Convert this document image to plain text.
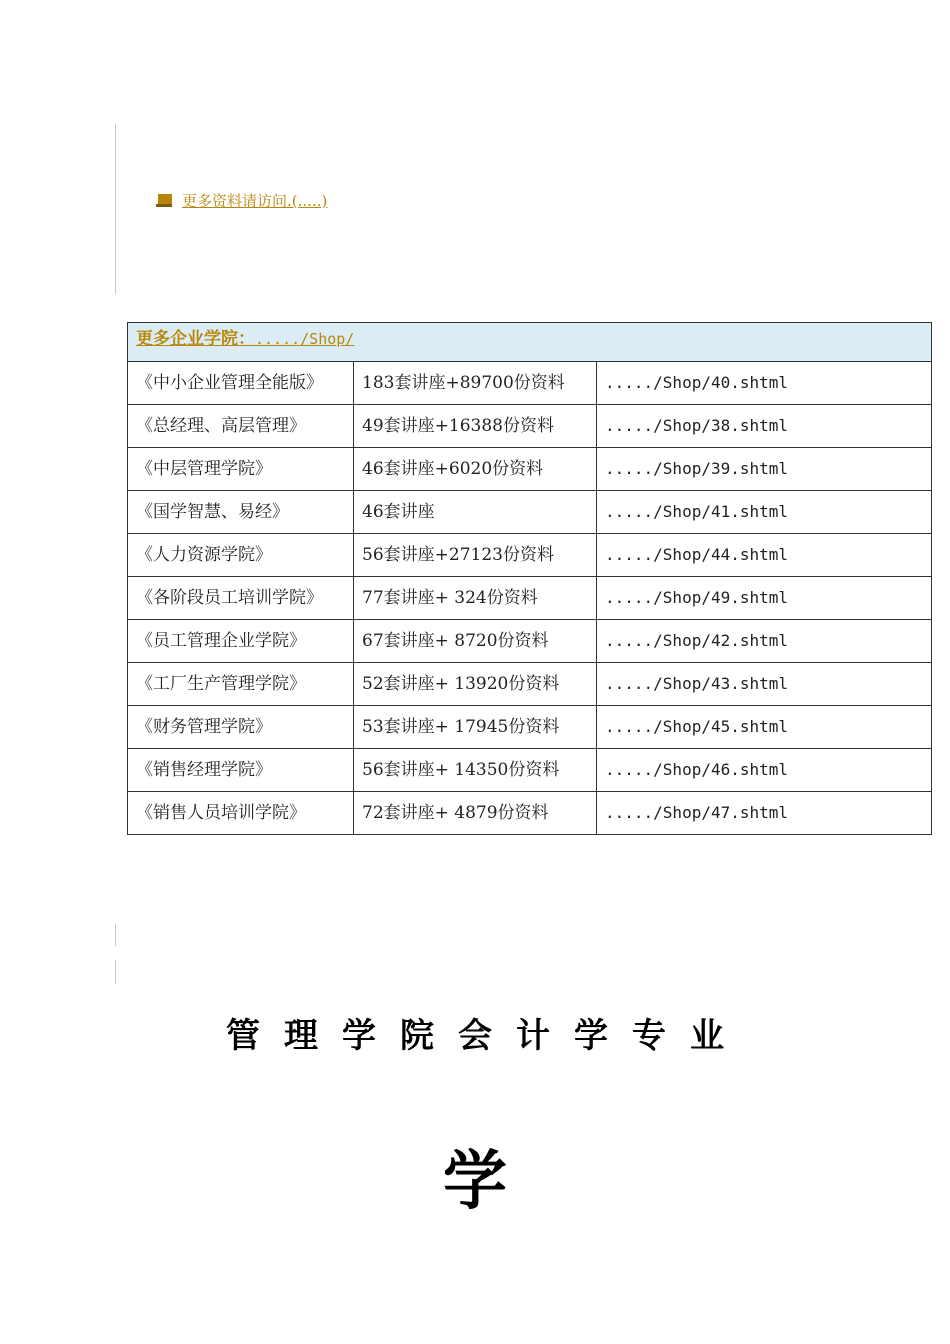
更多资料请访问.(.....)
更多企业学院：...../Shop/		
《中小企业管理全能版》	183套讲座+89700份资料	...../Shop/40.shtml
《总经理、高层管理》	49套讲座+16388份资料	...../Shop/38.shtml
《中层管理学院》	46套讲座+6020份资料	...../Shop/39.shtml
《国学智慧、易经》	46套讲座	...../Shop/41.shtml
《人力资源学院》	56套讲座+27123份资料	...../Shop/44.shtml
《各阶段员工培训学院》	77套讲座+ 324份资料	...../Shop/49.shtml
《员工管理企业学院》	67套讲座+ 8720份资料	...../Shop/42.shtml
《工厂生产管理学院》	52套讲座+ 13920份资料	...../Shop/43.shtml
《财务管理学院》	53套讲座+ 17945份资料	...../Shop/45.shtml
《销售经理学院》	56套讲座+ 14350份资料	...../Shop/46.shtml
《销售人员培训学院》	72套讲座+ 4879份资料	...../Shop/47.shtml
管理学院会计学专业
学
